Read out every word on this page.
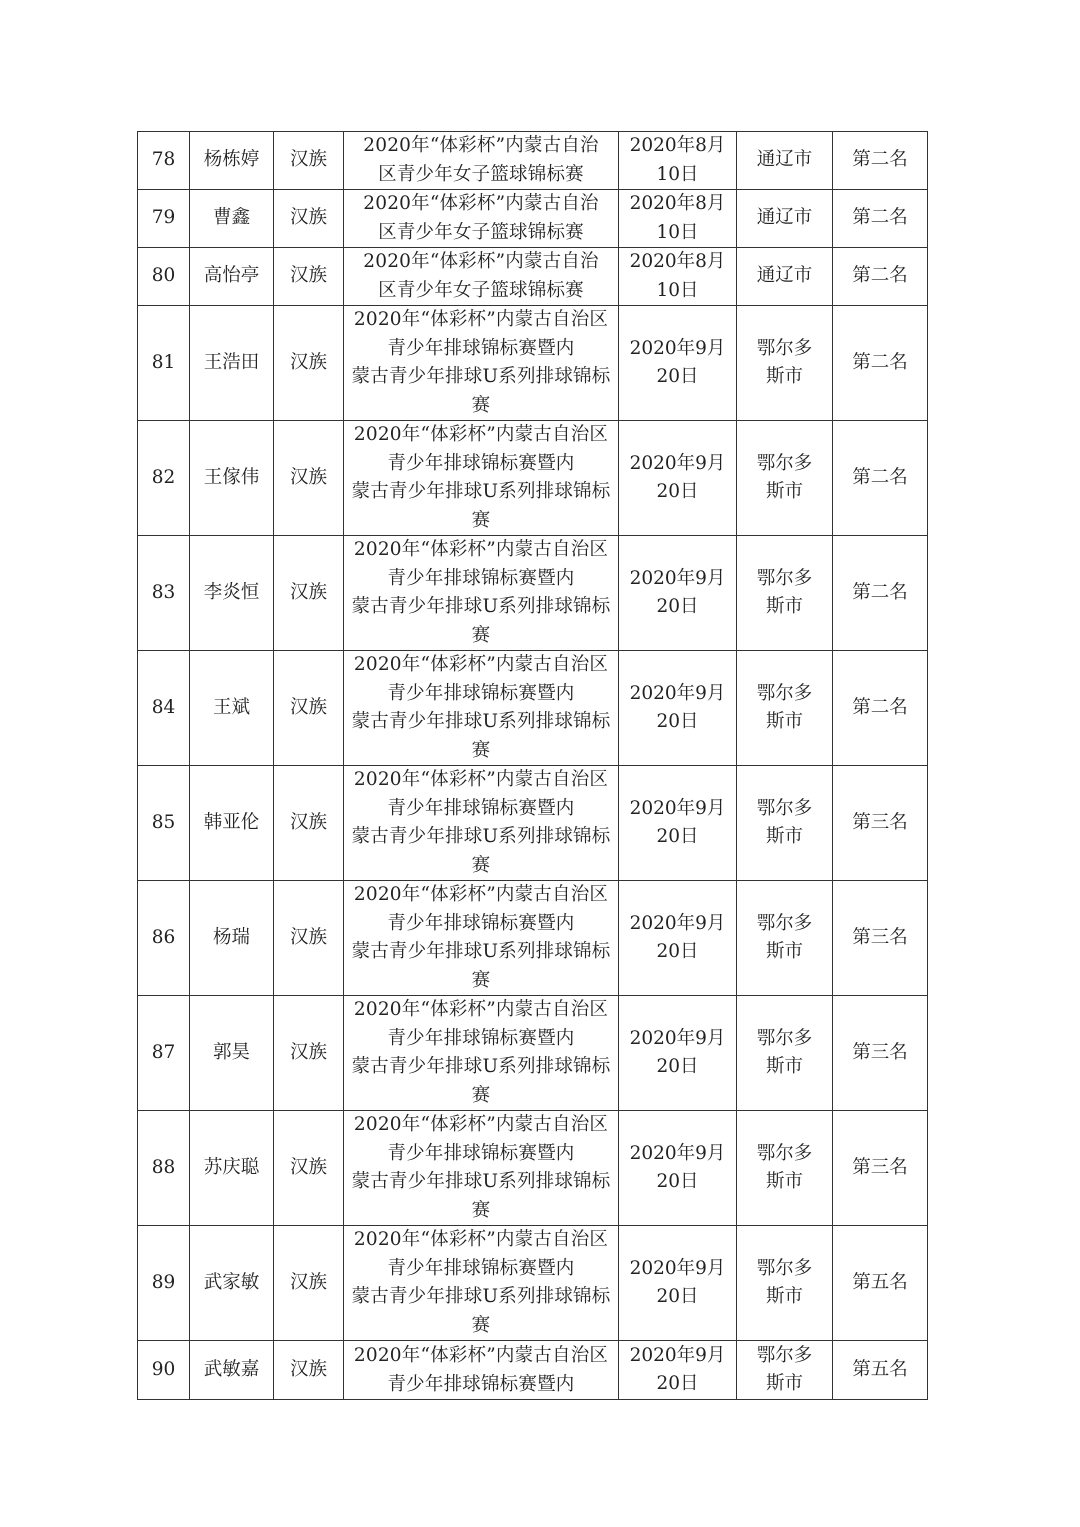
78	杨栋婷	汉族	2020年“体彩杯”内蒙古自治
区青少年女子篮球锦标赛	2020年8月
10日	通辽市	第二名
79	曹鑫	汉族	2020年“体彩杯”内蒙古自治
区青少年女子篮球锦标赛	2020年8月
10日	通辽市	第二名
80	高怡亭	汉族	2020年“体彩杯”内蒙古自治
区青少年女子篮球锦标赛	2020年8月
10日	通辽市	第二名
81	王浩田	汉族	2020年“体彩杯”内蒙古自治区
青少年排球锦标赛暨内
蒙古青少年排球U系列排球锦标
赛	2020年9月
20日	鄂尔多
斯市	第二名
82	王傢伟	汉族	2020年“体彩杯”内蒙古自治区
青少年排球锦标赛暨内
蒙古青少年排球U系列排球锦标
赛	2020年9月
20日	鄂尔多
斯市	第二名
83	李炎恒	汉族	2020年“体彩杯”内蒙古自治区
青少年排球锦标赛暨内
蒙古青少年排球U系列排球锦标
赛	2020年9月
20日	鄂尔多
斯市	第二名
84	王斌	汉族	2020年“体彩杯”内蒙古自治区
青少年排球锦标赛暨内
蒙古青少年排球U系列排球锦标
赛	2020年9月
20日	鄂尔多
斯市	第二名
85	韩亚伦	汉族	2020年“体彩杯”内蒙古自治区
青少年排球锦标赛暨内
蒙古青少年排球U系列排球锦标
赛	2020年9月
20日	鄂尔多
斯市	第三名
86	杨瑞	汉族	2020年“体彩杯”内蒙古自治区
青少年排球锦标赛暨内
蒙古青少年排球U系列排球锦标
赛	2020年9月
20日	鄂尔多
斯市	第三名
87	郭昊	汉族	2020年“体彩杯”内蒙古自治区
青少年排球锦标赛暨内
蒙古青少年排球U系列排球锦标
赛	2020年9月
20日	鄂尔多
斯市	第三名
88	苏庆聪	汉族	2020年“体彩杯”内蒙古自治区
青少年排球锦标赛暨内
蒙古青少年排球U系列排球锦标
赛	2020年9月
20日	鄂尔多
斯市	第三名
89	武家敏	汉族	2020年“体彩杯”内蒙古自治区
青少年排球锦标赛暨内
蒙古青少年排球U系列排球锦标
赛	2020年9月
20日	鄂尔多
斯市	第五名
90	武敏嘉	汉族	2020年“体彩杯”内蒙古自治区
青少年排球锦标赛暨内	2020年9月
20日	鄂尔多
斯市	第五名
